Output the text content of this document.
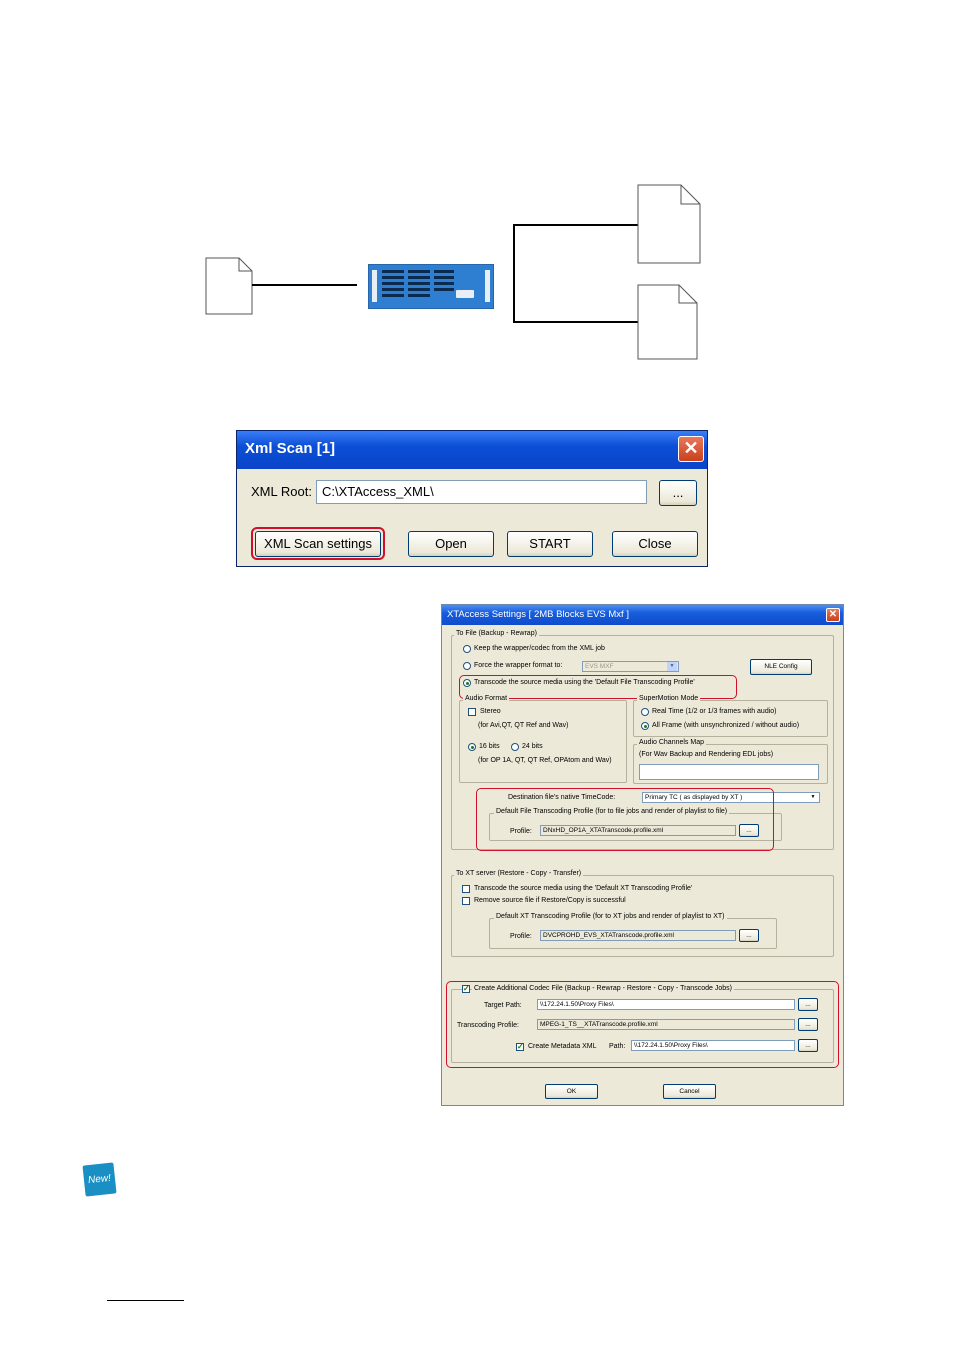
Xml Scan [1]	✕
XML Root: C:\XTAccess_XML\	...
XML Scan settings	Open	START	Close
XTAccess Settings [ 2MB Blocks EVS Mxf ]	✕
To File (Backup - Rewrap)
Keep the wrapper/codec from the XML job
Force the wrapper format to:	EVS MXF	▼	NLE Config
Transcode the source media using the 'Default File Transcoding Profile'
Audio Format
Stereo
(for Avi,QT, QT Ref and Wav)
16 bits	24 bits
(for OP 1A, QT, QT Ref, OPAtom and Wav)
SuperMotion Mode
Real Time (1/2 or 1/3 frames with audio)
All Frame (with unsynchronized / without audio)
Audio Channels Map
(For Wav Backup and Rendering EDL jobs)
Destination file's native TimeCode:	Primary TC ( as displayed by XT )	▼
Default File Transcoding Profile (for to file jobs and render of playlist to file)
Profile:	DNxHD_OP1A_XTATranscode.profile.xml	...
To XT server (Restore - Copy - Transfer)
Transcode the source media using the 'Default XT Transcoding Profile'
Remove source file if Restore/Copy is successful
Default XT Transcoding Profile (for to XT jobs and render of playlist to XT)
Profile:	DVCPROHD_EVS_XTATranscode.profile.xml	...
✓ Create Additional Codec File (Backup - Rewrap - Restore - Copy - Transcode Jobs)
Target Path:	\\172.24.1.50\Proxy Files\	...
Transcoding Profile:	MPEG-1_TS__XTATranscode.profile.xml	...
✓ Create Metadata XML Path:	\\172.24.1.50\Proxy Files\	...
OK	Cancel
New!
